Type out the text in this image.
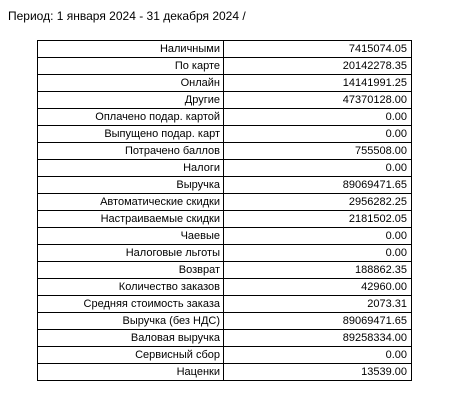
Период: 1 января 2024 - 31 декабря 2024 /
Наличными	7415074.05
По карте	20142278.35
Онлайн	14141991.25
Другие	47370128.00
Оплачено подар. картой	0.00
Выпущено подар. карт	0.00
Потрачено баллов	755508.00
Налоги	0.00
Выручка	89069471.65
Автоматические скидки	2956282.25
Настраиваемые скидки	2181502.05
Чаевые	0.00
Налоговые льготы	0.00
Возврат	188862.35
Количество заказов	42960.00
Средняя стоимость заказа	2073.31
Выручка (без НДС)	89069471.65
Валовая выручка	89258334.00
Сервисный сбор	0.00
Наценки	13539.00
